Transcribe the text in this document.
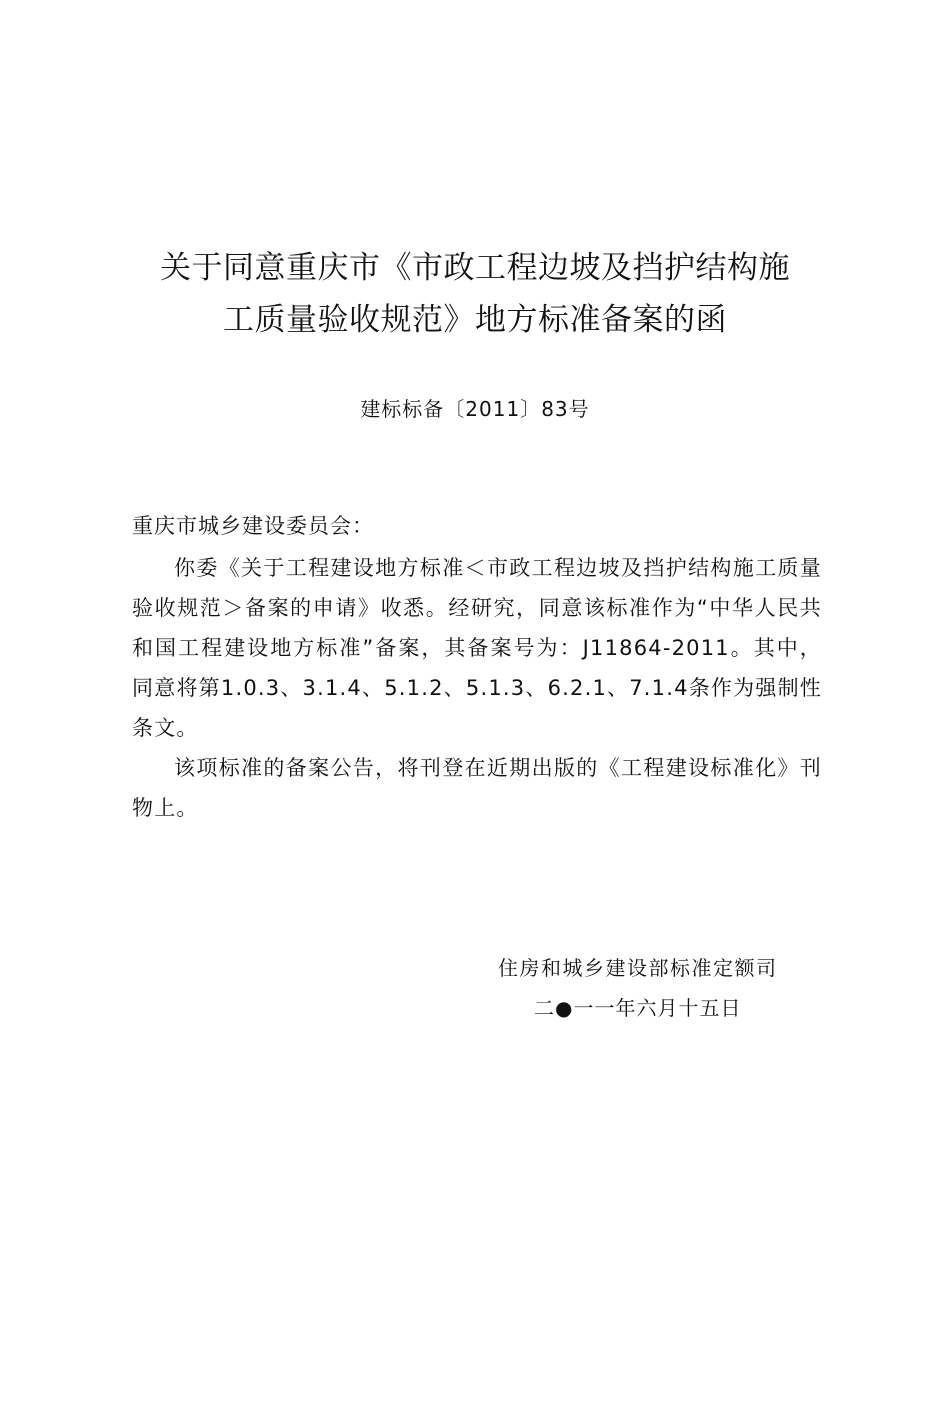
关于同意重庆市《市政工程边坡及挡护结构施
工质量验收规范》地方标准备案的函
建标标备〔2011〕83号
重庆市城乡建设委员会：
你委《关于工程建设地方标准＜市政工程边坡及挡护结构施工质量验收规范＞备案的申请》收悉。经研究，同意该标准作为“中华人民共和国工程建设地方标准”备案，其备案号为：J11864-2011。其中，同意将第1.0.3、3.1.4、5.1.2、5.1.3、6.2.1、7.1.4条作为强制性条文。
该项标准的备案公告，将刊登在近期出版的《工程建设标准化》刊物上。
住房和城乡建设部标准定额司
二●一一年六月十五日
